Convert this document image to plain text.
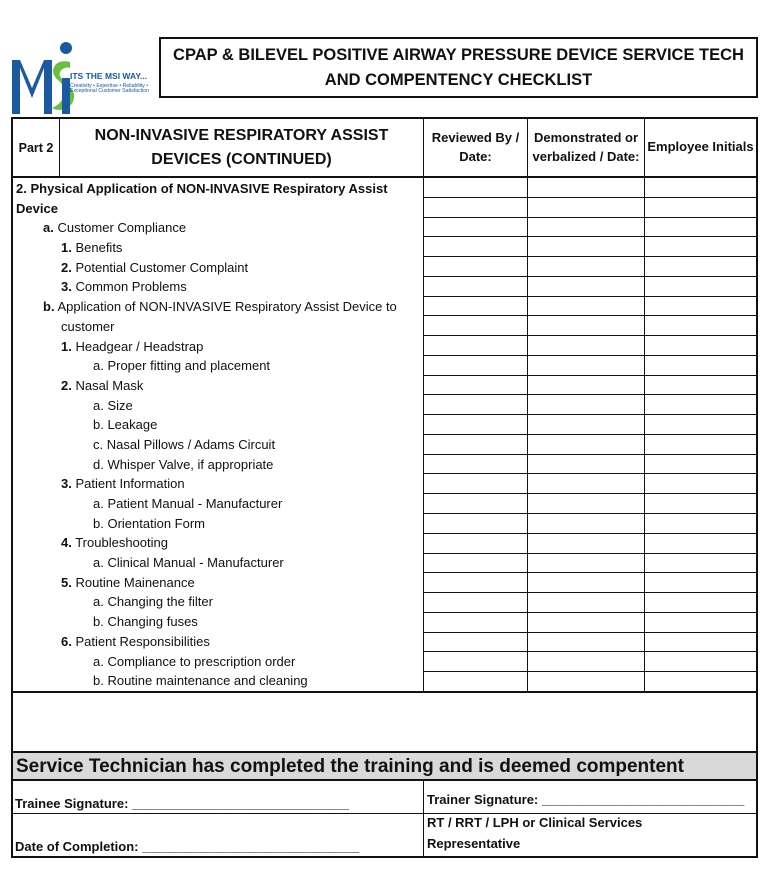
ITS THE MSI WAY...
Creativity • Expertise • Reliability • Exceptional Customer Satisfaction
CPAP & BILEVEL POSITIVE AIRWAY PRESSURE DEVICE SERVICE TECH AND COMPENTENCY CHECKLIST
Part 2
NON-INVASIVE RESPIRATORY ASSIST DEVICES (CONTINUED)
Reviewed By / Date:
Demonstrated or verbalized / Date:
Employee Initials
2. Physical Application of NON-INVASIVE Respiratory Assist
Device
a. Customer Compliance
1. Benefits
2. Potential Customer Complaint
3. Common Problems
b. Application of NON-INVASIVE Respiratory Assist Device to
customer
1. Headgear / Headstrap
a. Proper fitting and placement
2. Nasal Mask
a. Size
b. Leakage
c. Nasal Pillows / Adams Circuit
d. Whisper Valve, if appropriate
3. Patient Information
a. Patient Manual - Manufacturer
b. Orientation Form
4. Troubleshooting
a. Clinical Manual - Manufacturer
5. Routine Mainenance
a. Changing the filter
b. Changing fuses
6. Patient Responsibilities
a. Compliance to prescription order
b. Routine maintenance and cleaning
Service Technician has completed the training and is deemed compentent
Trainee Signature: ______________________________	Trainer Signature: ____________________________
Date of Completion: ______________________________
RT / RRT / LPH or Clinical Services
Representative
